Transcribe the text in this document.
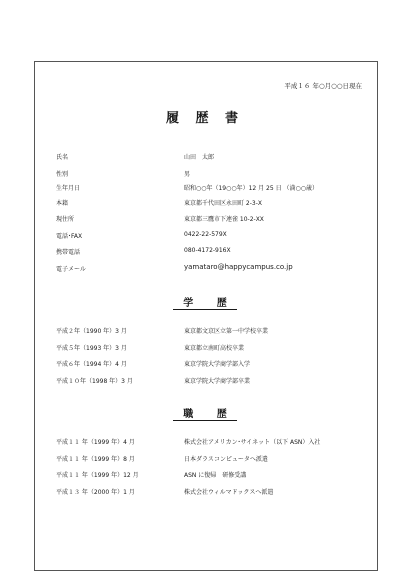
平成１６ 年○月○○日現在
履 歴 書
氏名	山田　太郎
性別	男
生年月日	昭和○○年（19○○年）12 月 25 日 （満○○歳）
本籍	東京都千代田区永田町 2-3-X
現住所	東京都三鷹市下連雀 10-2-XX
電話･FAX	0422-22-579X
携帯電話	080-4172-916X
電子メール	yamataro@happycampus.co.jp
学 歴
平成２年（1990 年）3 月	東京都文京区立第一中学校卒業
平成５年（1993 年）3 月	東京都立南町高校卒業
平成６年（1994 年）4 月	東京学院大学商学部入学
平成１０年（1998 年）3 月	東京学院大学商学部卒業
職 歴
平成１１ 年（1999 年）4 月	株式会社アメリカン･サイネット（以下 ASN）入社
平成１１ 年（1999 年）8 月	日本ダラスコンピュータへ派遣
平成１１ 年（1999 年）12 月	ASN に復帰　研修受講
平成１３ 年（2000 年）1 月	株式会社ウィルマドックスへ派遣
